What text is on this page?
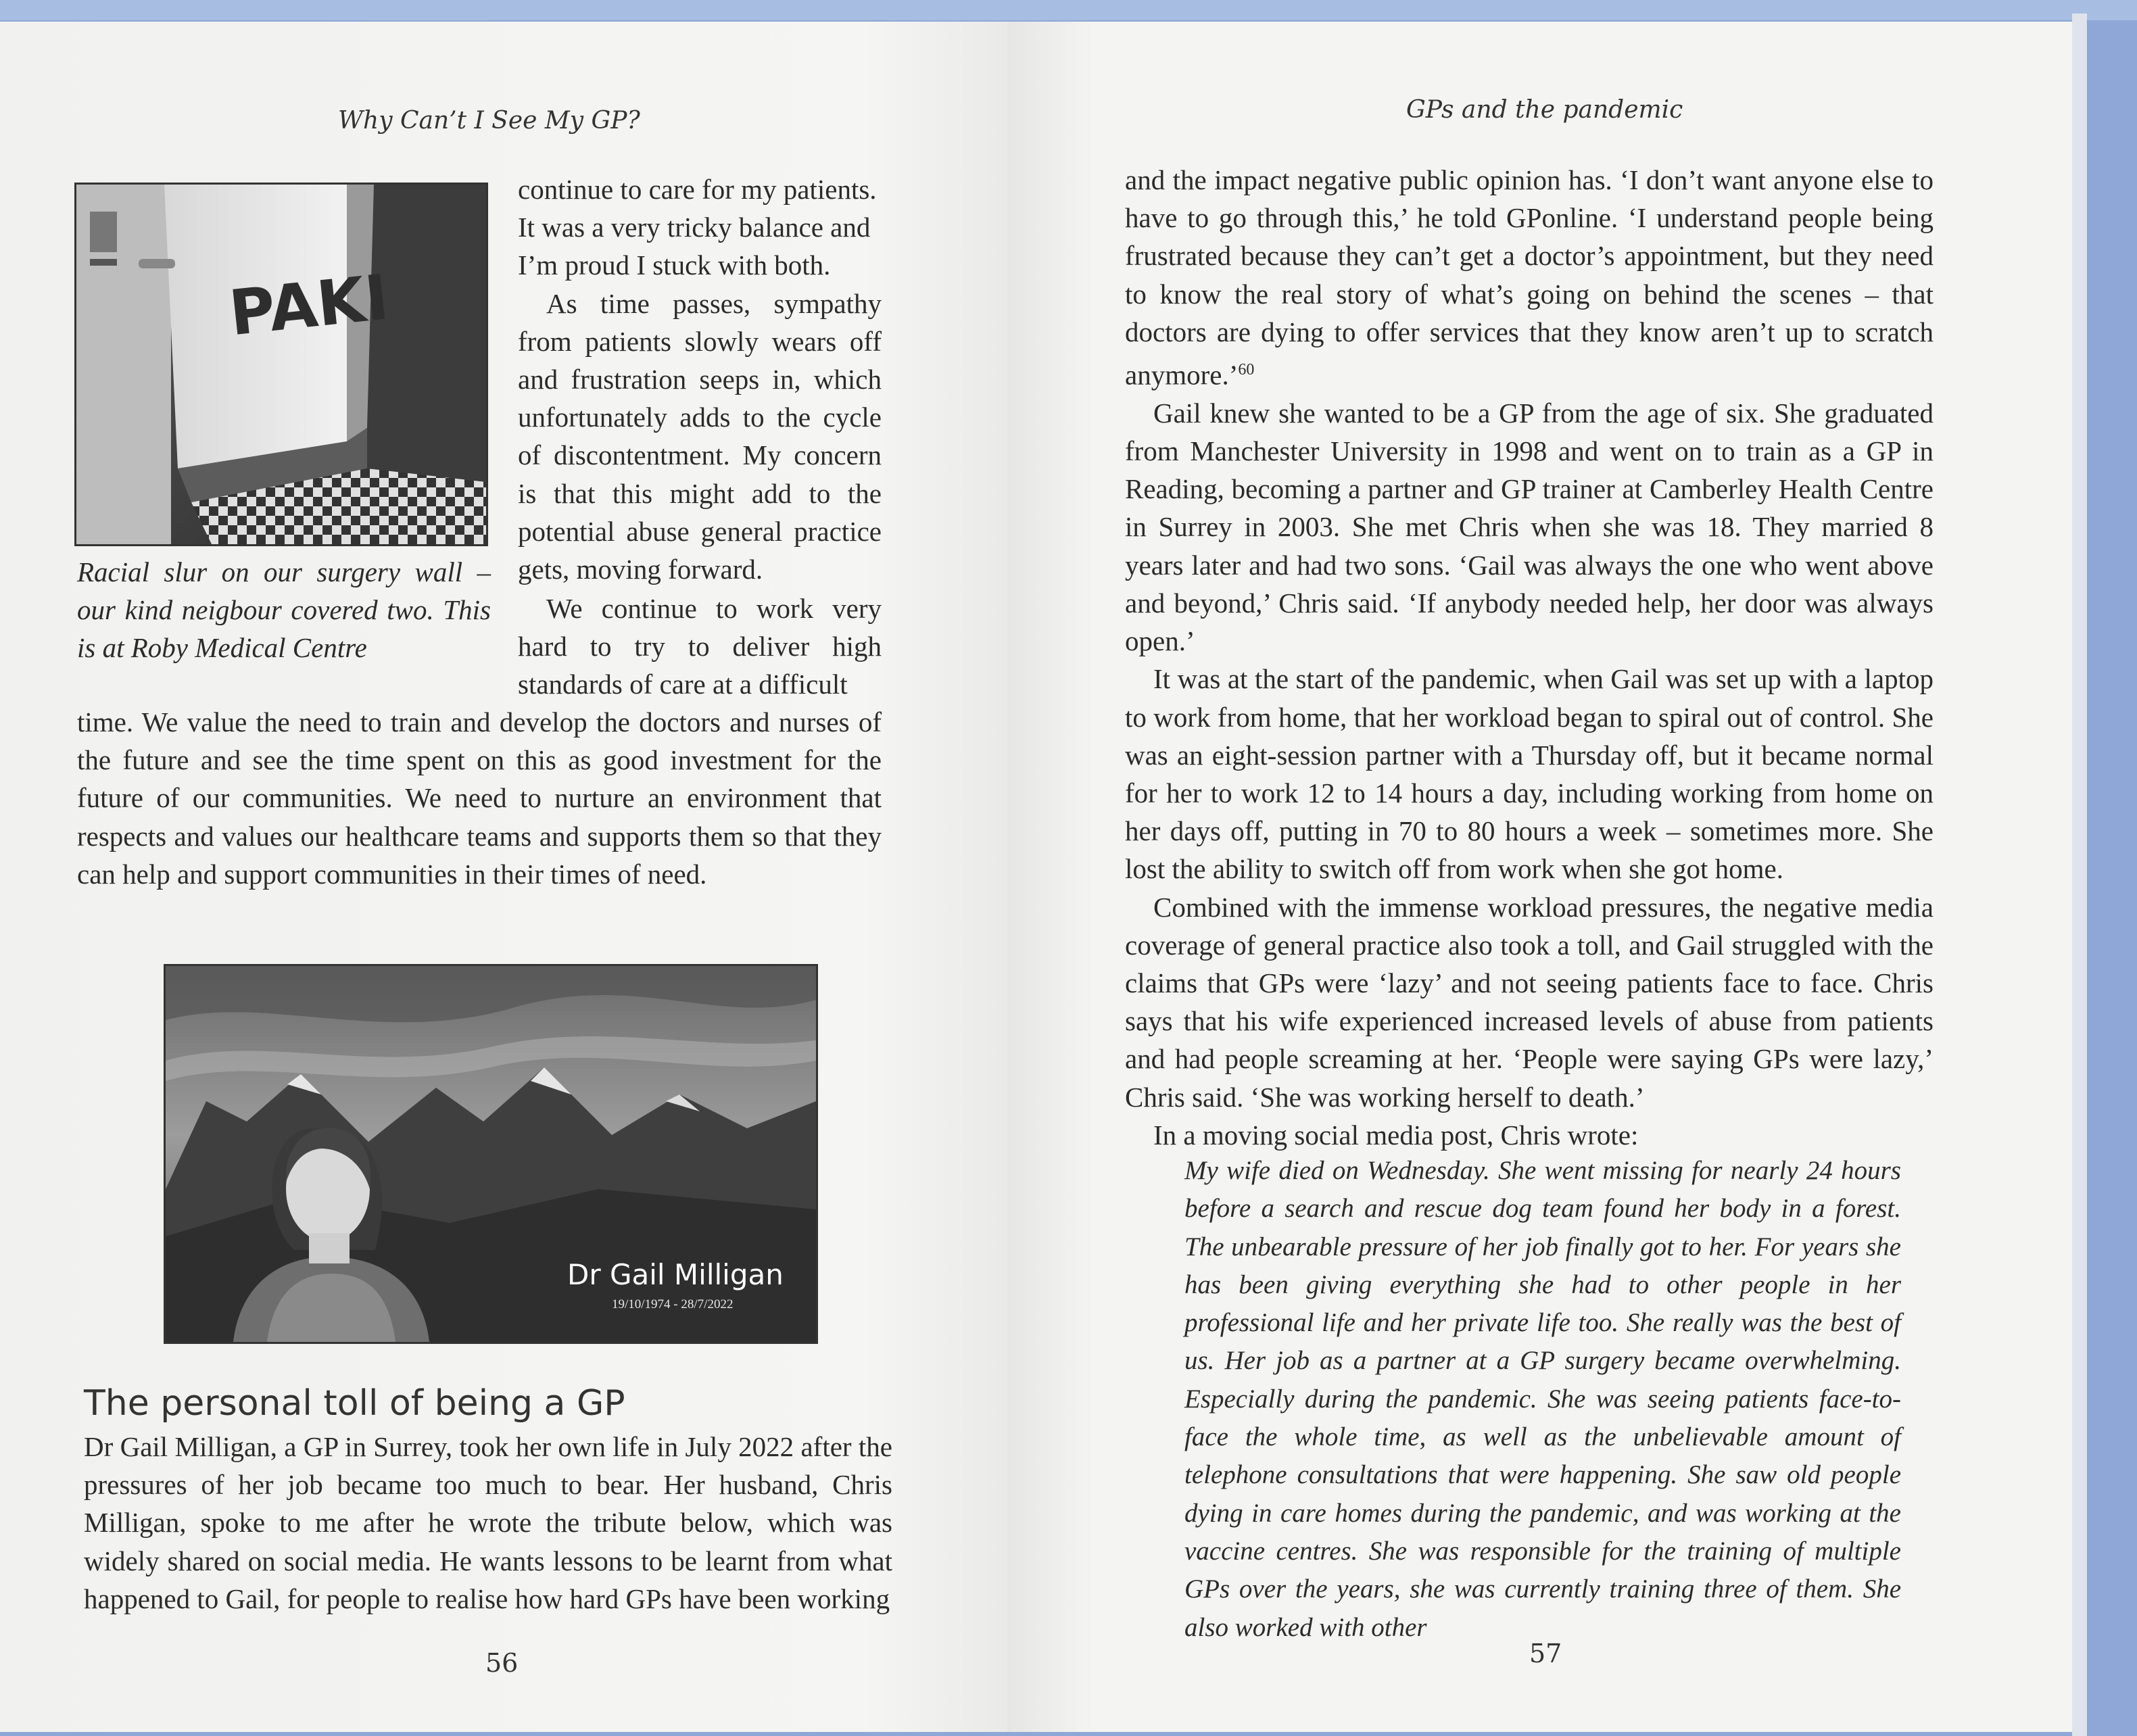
Why Can’t I See My GP?
PAKI

continue to care for my patients.

It was a very tricky balance and

I’m proud I stuck with both.

As time passes, sympathy from patients slowly wears off and frustration seeps in, which unfortunately adds to the cycle of discontentment. My concern is that this might add to the potential abuse general practice gets, moving forward.

Racial slur on our surgery wall – our kind neigbour covered two. This is at Roby Medical Centre

We continue to work very hard to try to deliver high standards of care at a difficult

time. We value the need to train and develop the doctors and nurses of the future and see the time spent on this as good investment for the future of our communities. We need to nurture an environment that respects and values our healthcare teams and supports them so that they can help and support communities in their times of need.

Dr Gail Milligan
19/10/1974 - 28/7/2022
The personal toll of being a GP

Dr Gail Milligan, a GP in Surrey, took her own life in July 2022 after the pressures of her job became too much to bear. Her husband, Chris Milligan, spoke to me after he wrote the tribute below, which was widely shared on social media. He wants lessons to be learnt from what happened to Gail, for people to realise how hard GPs have been working

56
GPs and the pandemic

and the impact negative public opinion has. ‘I don’t want anyone else to have to go through this,’ he told GPonline. ‘I understand people being frustrated because they can’t get a doctor’s appointment, but they need to know the real story of what’s going on behind the scenes – that doctors are dying to offer services that they know aren’t up to scratch anymore.’$^{60}$

Gail knew she wanted to be a GP from the age of six. She graduated from Manchester University in 1998 and went on to train as a GP in Reading, becoming a partner and GP trainer at Camberley Health Centre in Surrey in 2003. She met Chris when she was 18. They married 8 years later and had two sons. ‘Gail was always the one who went above and beyond,’ Chris said. ‘If anybody needed help, her door was always open.’

It was at the start of the pandemic, when Gail was set up with a laptop to work from home, that her workload began to spiral out of control. She was an eight-session partner with a Thursday off, but it became normal for her to work 12 to 14 hours a day, including working from home on her days off, putting in 70 to 80 hours a week – sometimes more. She lost the ability to switch off from work when she got home.

Combined with the immense workload pressures, the negative media coverage of general practice also took a toll, and Gail struggled with the claims that GPs were ‘lazy’ and not seeing patients face to face. Chris says that his wife experienced increased levels of abuse from patients and had people screaming at her. ‘People were saying GPs were lazy,’ Chris said. ‘She was working herself to death.’

In a moving social media post, Chris wrote:

My wife died on Wednesday. She went missing for nearly 24 hours before a search and rescue dog team found her body in a forest. The unbearable pressure of her job finally got to her. For years she has been giving everything she had to other people in her professional life and her private life too. She really was the best of us. Her job as a partner at a GP surgery became overwhelming. Especially during the pandemic. She was seeing patients face-to-face the whole time, as well as the unbelievable amount of telephone consultations that were happening. She saw old people dying in care homes during the pandemic, and was working at the vaccine centres. She was responsible for the training of multiple GPs over the years, she was currently training three of them. She also worked with other
57
